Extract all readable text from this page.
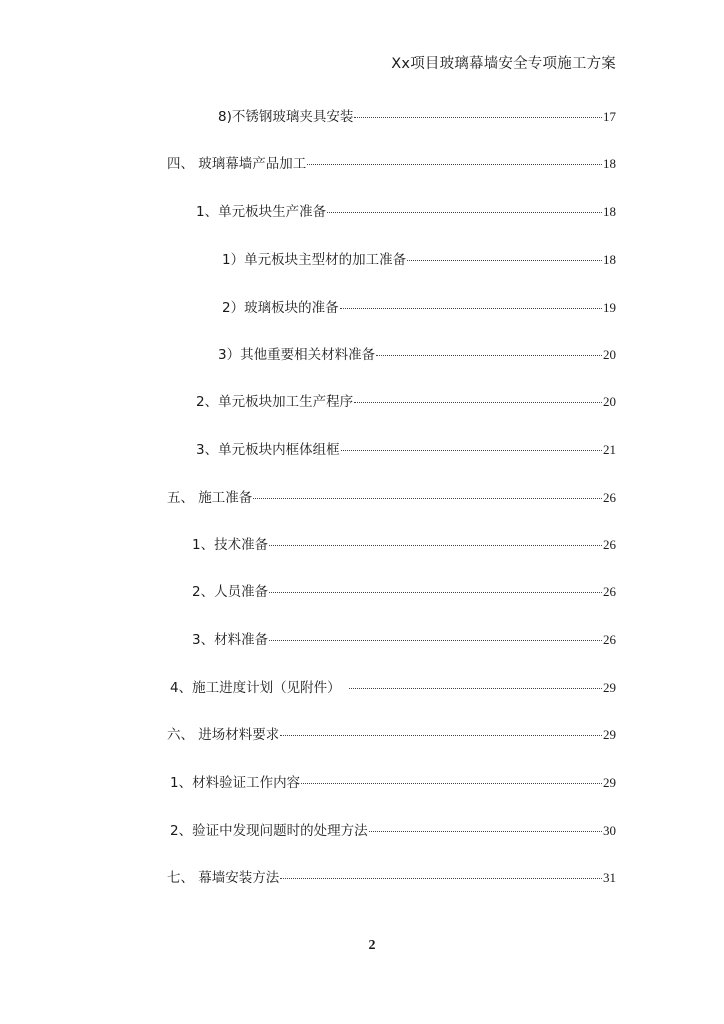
Xx项目玻璃幕墙安全专项施工方案
8)不锈钢玻璃夹具安装	17
四、 玻璃幕墙产品加工	18
1、单元板块生产准备	18
1）单元板块主型材的加工准备	18
2）玻璃板块的准备	19
3）其他重要相关材料准备	20
2、单元板块加工生产程序	20
3、单元板块内框体组框	21
五、 施工准备	26
1、技术准备	26
2、人员准备	26
3、材料准备	26
4、施工进度计划（见附件）	29
六、 进场材料要求	29
1、材料验证工作内容	29
2、验证中发现问题时的处理方法	30
七、 幕墙安装方法	31
2
